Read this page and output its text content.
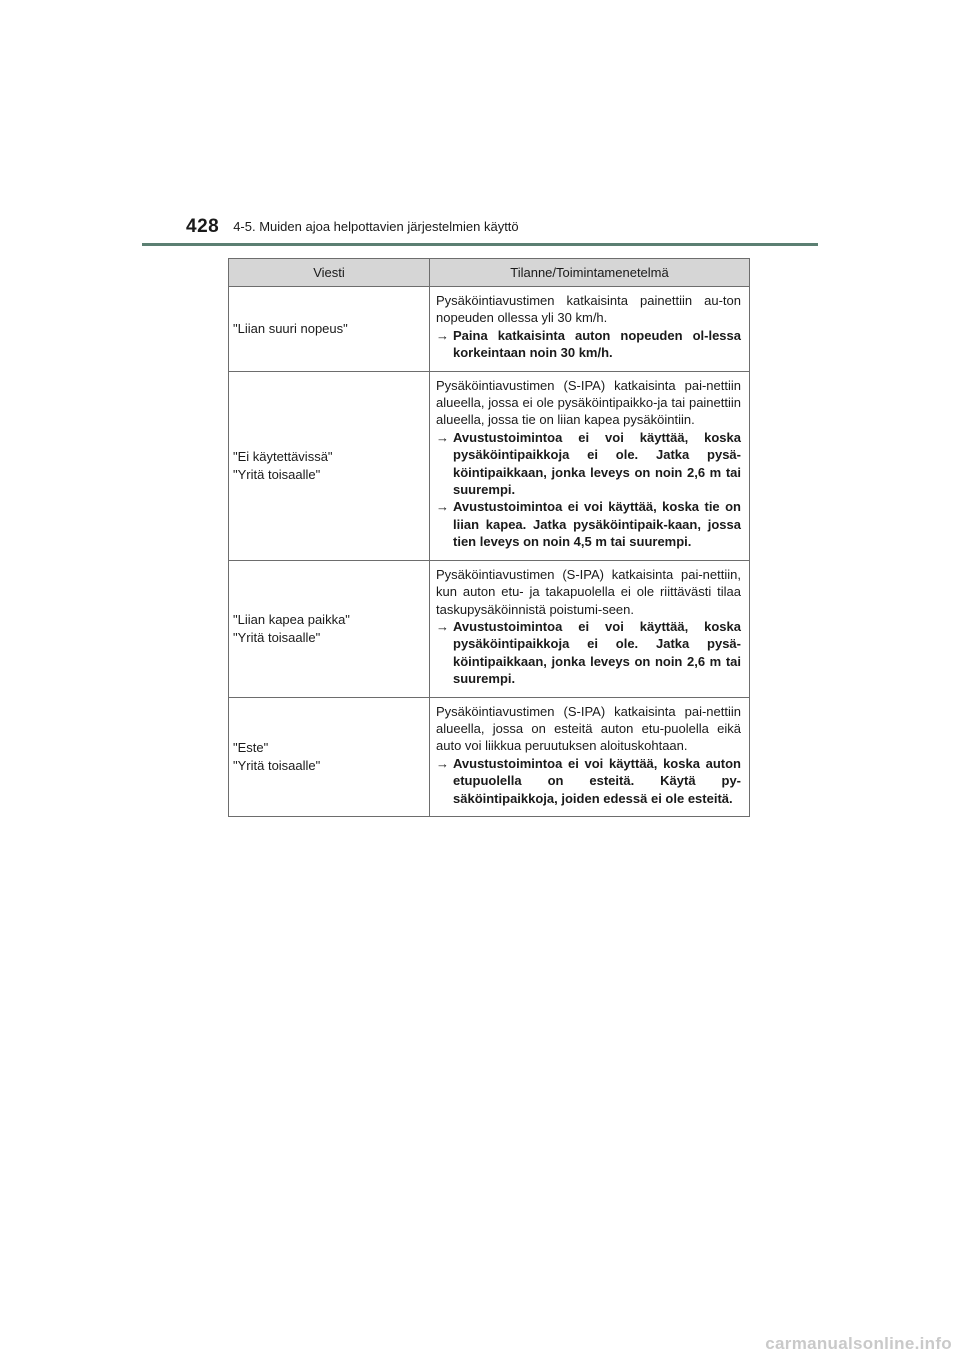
428 4-5. Muiden ajoa helpottavien järjestelmien käyttö
Viesti	Tilanne/Toimintamenetelmä

"Liian suuri nopeus"	Pysäköintiavustimen katkaisinta painettiin au-ton nopeuden ollessa yli 30 km/h.
→ Paina katkaisinta auton nopeuden ol-lessa korkeintaan noin 30 km/h.

"Ei käytettävissä"
"Yritä toisaalle"	Pysäköintiavustimen (S-IPA) katkaisinta pai-nettiin alueella, jossa ei ole pysäköintipaikko-ja tai painettiin alueella, jossa tie on liian kapea pysäköintiin.
→ Avustustoimintoa ei voi käyttää, koska pysäköintipaikkoja ei ole. Jatka pysä-köintipaikkaan, jonka leveys on noin 2,6 m tai suurempi.
→ Avustustoimintoa ei voi käyttää, koska tie on liian kapea. Jatka pysäköintipaik-kaan, jossa tien leveys on noin 4,5 m tai suurempi.

"Liian kapea paikka"
"Yritä toisaalle"	Pysäköintiavustimen (S-IPA) katkaisinta pai-nettiin, kun auton etu- ja takapuolella ei ole riittävästi tilaa taskupysäköinnistä poistumi-seen.
→ Avustustoimintoa ei voi käyttää, koska pysäköintipaikkoja ei ole. Jatka pysä-köintipaikkaan, jonka leveys on noin 2,6 m tai suurempi.

"Este"
"Yritä toisaalle"	Pysäköintiavustimen (S-IPA) katkaisinta pai-nettiin alueella, jossa on esteitä auton etu-puolella eikä auto voi liikkua peruutuksen aloituskohtaan.
→ Avustustoimintoa ei voi käyttää, koska auton etupuolella on esteitä. Käytä py-säköintipaikkoja, joiden edessä ei ole esteitä.
carmanualsonline.info
